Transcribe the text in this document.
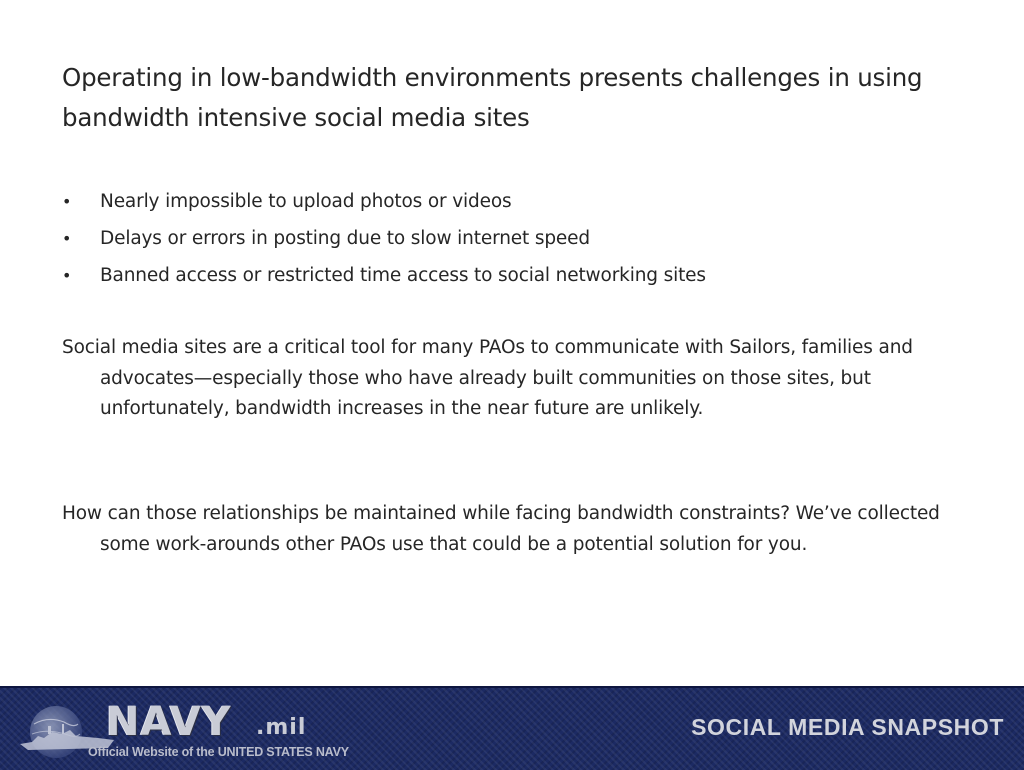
Operating in low-bandwidth environments presents challenges in using bandwidth intensive social media sites
• Nearly impossible to upload photos or videos
• Delays or errors in posting due to slow internet speed
• Banned access or restricted time access to social networking sites

Social media sites are a critical tool for many PAOs to communicate with Sailors, families and advocates—especially those who have already built communities on those sites, but unfortunately, bandwidth increases in the near future are unlikely.

How can those relationships be maintained while facing bandwidth constraints? We’ve collected some work-arounds other PAOs use that could be a potential solution for you.

NAVY .mil
Official Website of the UNITED STATES NAVY
SOCIAL MEDIA SNAPSHOT
